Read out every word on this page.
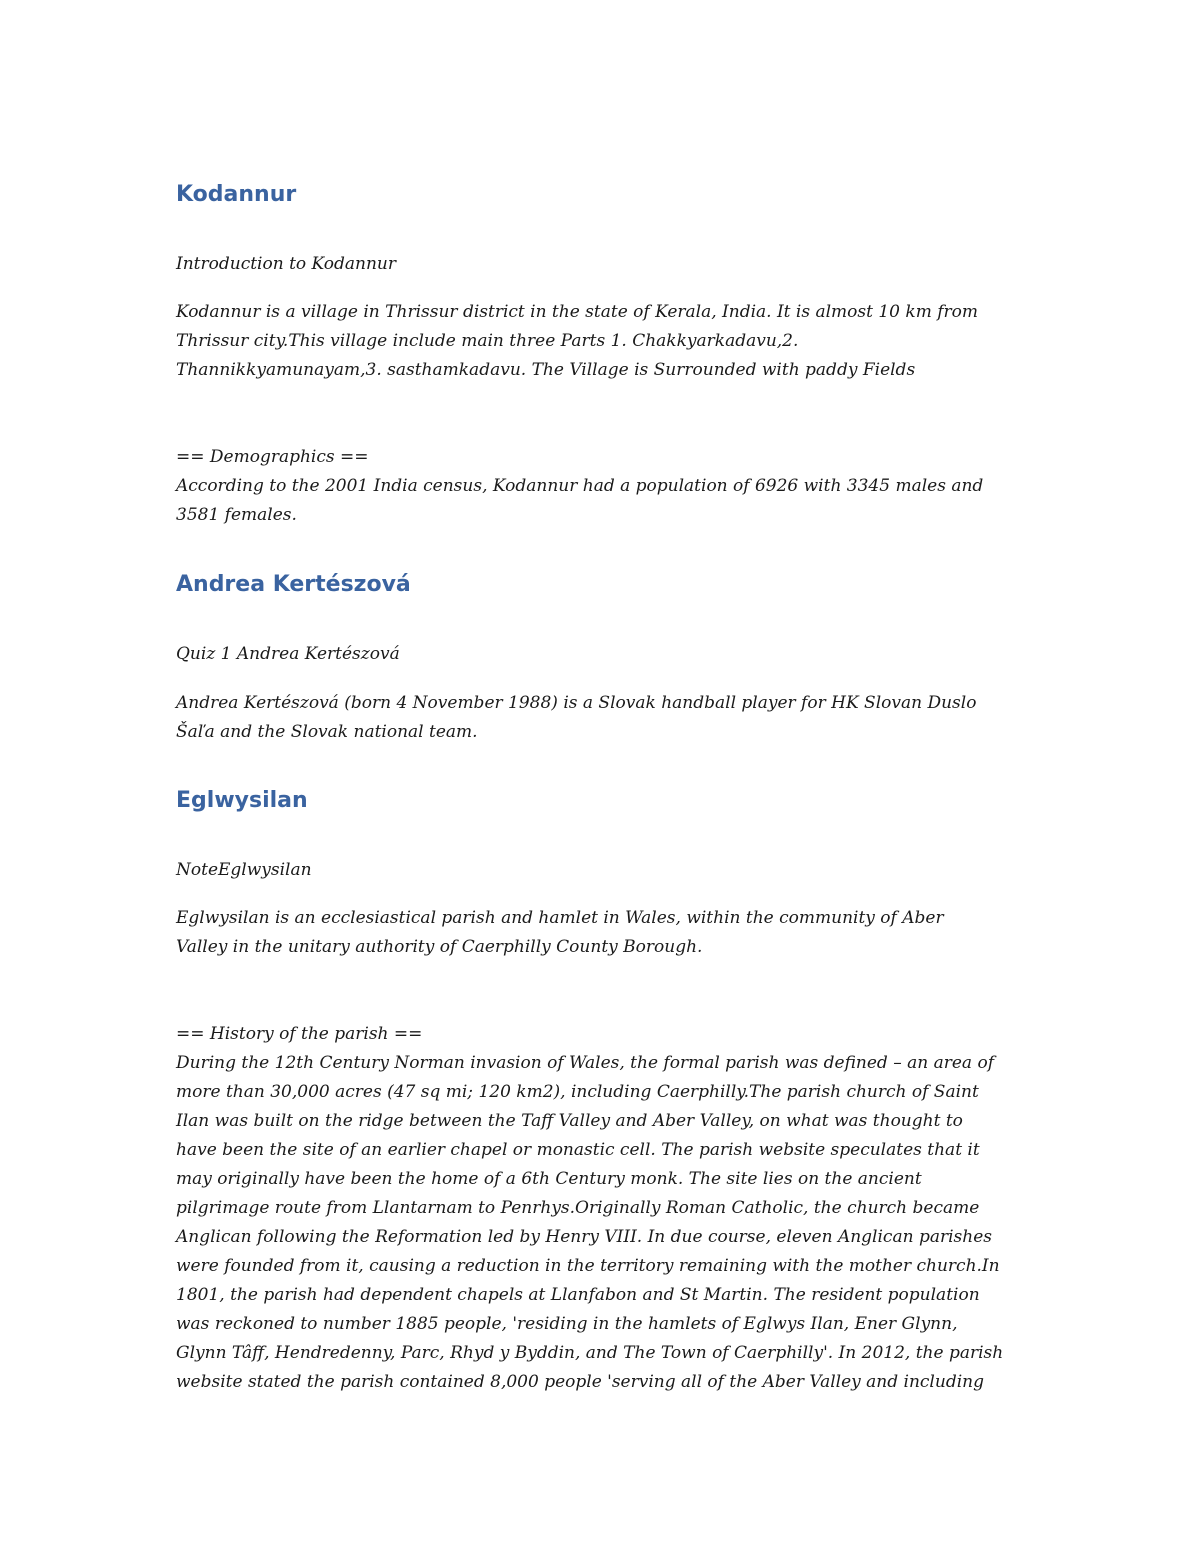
Kodannur

Introduction to Kodannur

Kodannur is a village in Thrissur district in the state of Kerala, India. It is almost 10 km from
Thrissur city.This village include main three Parts 1. Chakkyarkadavu,2.
Thannikkyamunayam,3. sasthamkadavu. The Village is Surrounded with paddy Fields

== Demographics ==
According to the 2001 India census, Kodannur had a population of 6926 with 3345 males and
3581 females.

Andrea Kertészová

Quiz 1 Andrea Kertészová

Andrea Kertészová (born 4 November 1988) is a Slovak handball player for HK Slovan Duslo
Šaľa and the Slovak national team.

Eglwysilan

NoteEglwysilan

Eglwysilan is an ecclesiastical parish and hamlet in Wales, within the community of Aber
Valley in the unitary authority of Caerphilly County Borough.

== History of the parish ==
During the 12th Century Norman invasion of Wales, the formal parish was defined – an area of
more than 30,000 acres (47 sq mi; 120 km2), including Caerphilly.The parish church of Saint
Ilan was built on the ridge between the Taff Valley and Aber Valley, on what was thought to
have been the site of an earlier chapel or monastic cell. The parish website speculates that it
may originally have been the home of a 6th Century monk. The site lies on the ancient
pilgrimage route from Llantarnam to Penrhys.Originally Roman Catholic, the church became
Anglican following the Reformation led by Henry VIII. In due course, eleven Anglican parishes
were founded from it, causing a reduction in the territory remaining with the mother church.In
1801, the parish had dependent chapels at Llanfabon and St Martin. The resident population
was reckoned to number 1885 people, 'residing in the hamlets of Eglwys Ilan, Ener Glynn,
Glynn Tâff, Hendredenny, Parc, Rhyd y Byddin, and The Town of Caerphilly'. In 2012, the parish
website stated the parish contained 8,000 people 'serving all of the Aber Valley and including
